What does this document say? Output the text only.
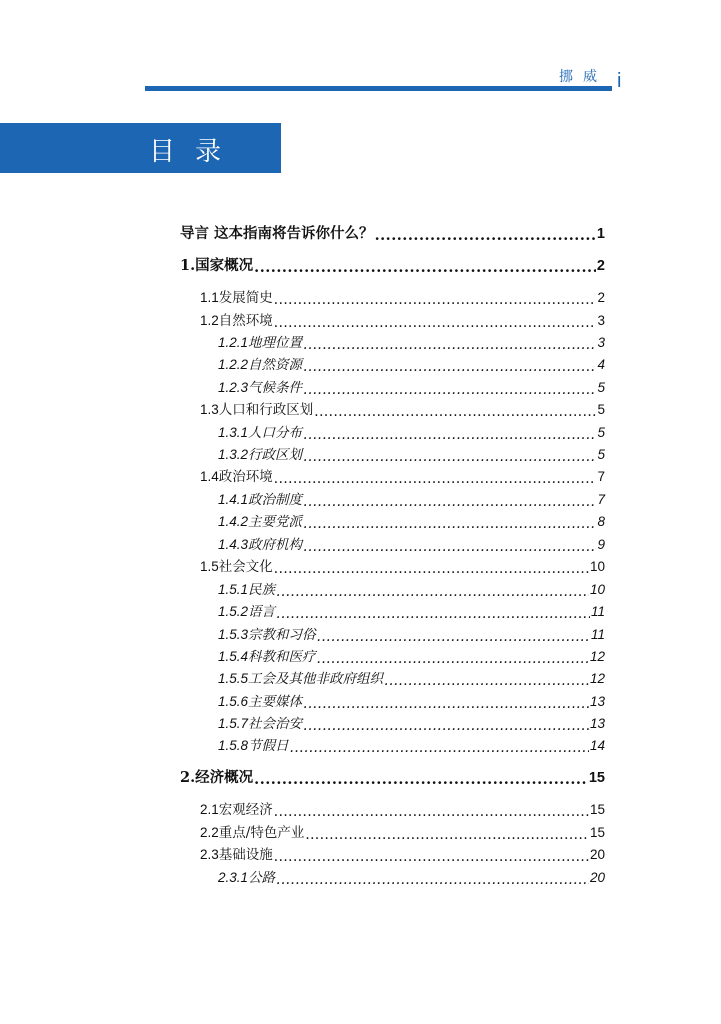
挪威 i
目录
导言 这本指南将告诉你什么？ .....	1
1. 国家概况 .....	2
1.1 发展简史 .....	2
1.2 自然环境 .....	3
1.2.1 地理位置 .....	3
1.2.2 自然资源 .....	4
1.2.3 气候条件 .....	5
1.3 人口和行政区划 .....	5
1.3.1 人口分布 .....	5
1.3.2 行政区划 .....	5
1.4 政治环境 .....	7
1.4.1 政治制度 .....	7
1.4.2 主要党派 .....	8
1.4.3 政府机构 .....	9
1.5 社会文化 .....	10
1.5.1 民族 .....	10
1.5.2 语言 .....	11
1.5.3 宗教和习俗 .....	11
1.5.4 科教和医疗 .....	12
1.5.5 工会及其他非政府组织 .....	12
1.5.6 主要媒体 .....	13
1.5.7 社会治安 .....	13
1.5.8 节假日 .....	14
2. 经济概况 .....	15
2.1 宏观经济 .....	15
2.2 重点/特色产业 .....	15
2.3 基础设施 .....	20
2.3.1 公路 .....	20
